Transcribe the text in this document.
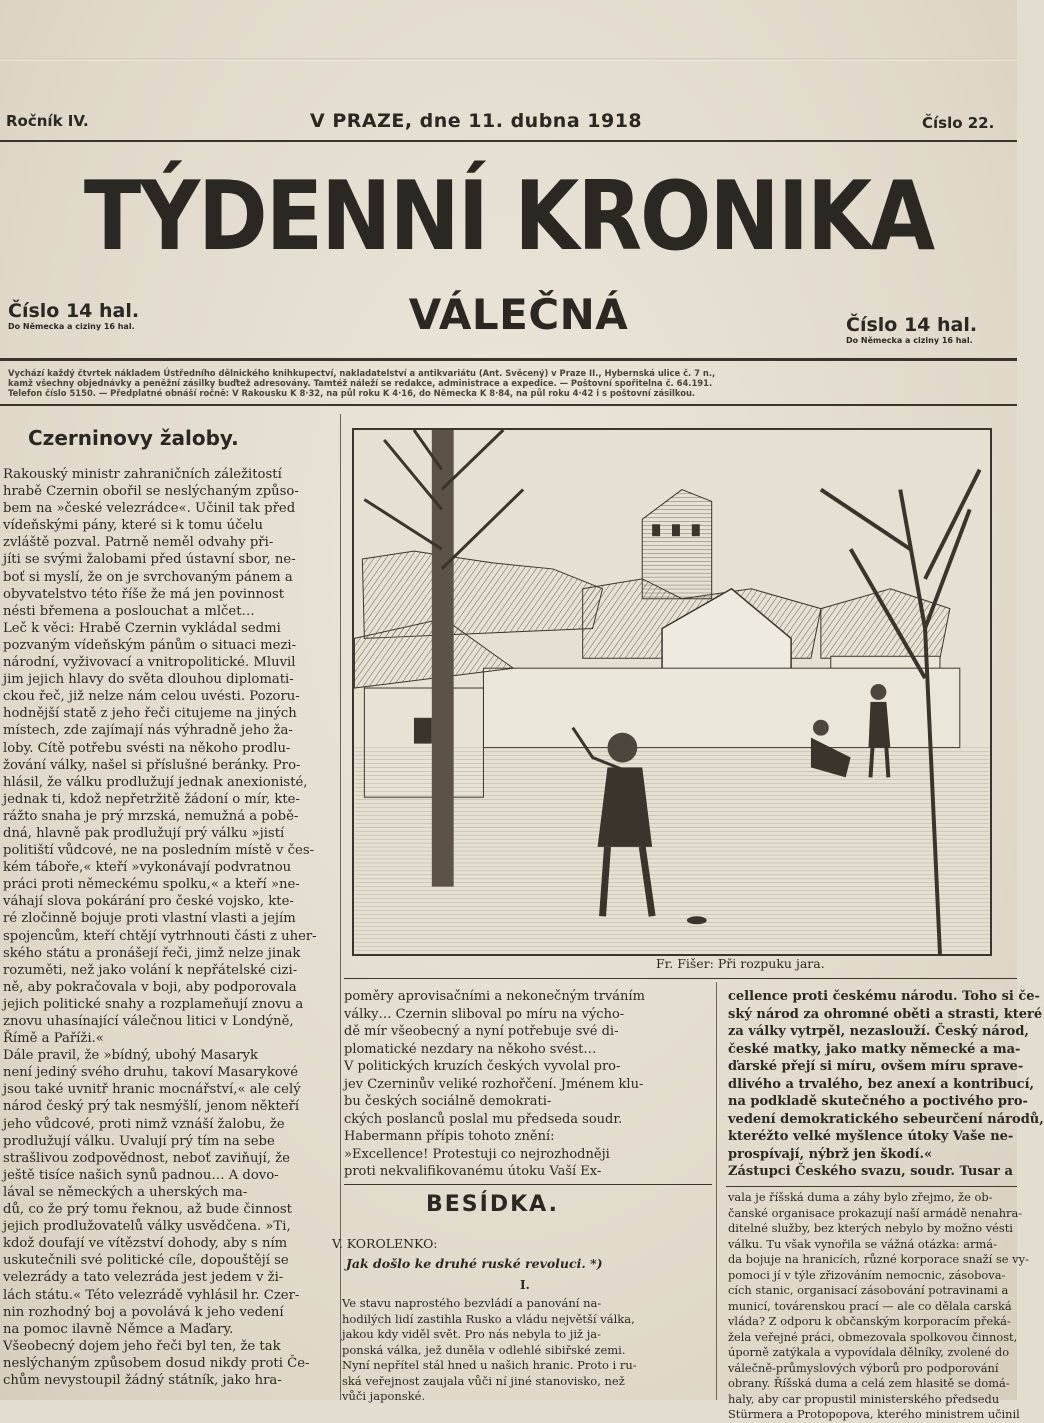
Ročník IV.	V PRAZE, dne 11. dubna 1918	Číslo 22.
TÝDENNÍ KRONIKA
VÁLEČNÁ
Číslo 14 hal.
Do Německa a ciziny 16 hal.	Číslo 14 hal.
Do Německa a ciziny 16 hal.
Vychází každý čtvrtek nákladem Ústředního dělnického knihkupectví, nakladatelství a antikvariátu (Ant. Svěcený) v Praze II., Hybernská ulice č. 7 n.,
kamž všechny objednávky a peněžní zásilky buďtež adresovány. Tamtéž náleží se redakce, administrace a expedice. — Poštovní spořitelna č. 64.191.
Telefon číslo 5150. — Předplatné obnáší ročně: V Rakousku K 8·32, na půl roku K 4·16, do Německa K 8·84, na půl roku 4·42 i s poštovní zásilkou.
Czerninovy žaloby.

Rakouský ministr zahraničních záležitostí

hrabě Czernin obořil se neslýchaným způso-

bem na »české velezrádce«. Učinil tak před

vídeňskými pány, které si k tomu účelu

zvláště pozval. Patrně neměl odvahy při-

jíti se svými žalobami před ústavní sbor, ne-

boť si myslí, že on je svrchovaným pánem a

obyvatelstvo této říše že má jen povinnost

nésti břemena a poslouchat a mlčet…

Leč k věci: Hrabě Czernin vykládal sedmi

pozvaným vídeňským pánům o situaci mezi-

národní, vyživovací a vnitropolitické. Mluvil

jim jejich hlavy do světa dlouhou diplomati-

ckou řeč, již nelze nám celou uvésti. Pozoru-

hodnější statě z jeho řeči citujeme na jiných

místech, zde zajímají nás výhradně jeho ža-

loby. Cítě potřebu svésti na někoho prodlu-

žování války, našel si příslušné beránky. Pro-

hlásil, že válku prodlužují jednak anexionisté,

jednak ti, kdož nepřetržitě žádoní o mír, kte-

rážto snaha je prý mrzská, nemužná a pobě-

dná, hlavně pak prodlužují prý válku »jistí

politiští vůdcové, ne na posledním místě v čes-

kém táboře,« kteří »vykonávají podvratnou

práci proti německému spolku,« a kteří »ne-

váhají slova pokárání pro české vojsko, kte-

ré zločinně bojuje proti vlastní vlasti a jejím

spojencům, kteří chtějí vytrhnouti části z uher-

ského státu a pronášejí řeči, jimž nelze jinak

rozuměti, než jako volání k nepřátelské cizi-

ně, aby pokračovala v boji, aby podporovala

jejich politické snahy a rozplameňují znovu a

znovu uhasínající válečnou litici v Londýně,

Římě a Paříži.«

Dále pravil, že »bídný, ubohý Masaryk

není jediný svého druhu, takoví Masarykové

jsou také uvnitř hranic mocnářství,« ale celý

národ český prý tak nesmýšlí, jenom někteří

jeho vůdcové, proti nimž vznáší žalobu, že

prodlužují válku. Uvalují prý tím na sebe

strašlivou zodpovědnost, neboť zaviňují, že

ještě tisíce našich synů padnou… A dovo-

lával se německých a uherských ma-

dů, co že prý tomu řeknou, až bude činnost

jejich prodlužovatelů války usvědčena. »Ti,

kdož doufají ve vítězství dohody, aby s ním

uskutečnili své politické cíle, dopouštějí se

velezrády a tato velezráda jest jedem v ži-

lách státu.« Této velezrádě vyhlásil hr. Czer-

nin rozhodný boj a povolává k jeho vedení

na pomoc ilavně Němce a Maďary.

Všeobecný dojem jeho řeči byl ten, že tak

neslýchaným způsobem dosud nikdy proti Če-

chům nevystoupil žádný státník, jako hra-

Fr. Fišer: Při rozpuku jara.

poměry aprovisačními a nekonečným trváním

války… Czernin sliboval po míru na výcho-

dě mír všeobecný a nyní potřebuje své di-

plomatické nezdary na někoho svést…

V politických kruzích českých vyvolal pro-

jev Czerninův veliké rozhořčení. Jménem klu-

bu českých sociálně demokrati-

ckých poslanců poslal mu předseda soudr.

Habermann přípis tohoto znění:

»Excellence! Protestuji co nejrozhodněji

proti nekvalifikovanému útoku Vaší Ex-

BESÍDKA.
V. KOROLENKO:
Jak došlo ke druhé ruské revoluci. *)
I.

Ve stavu naprostého bezvládí a panování na-

hodilých lidí zastihla Rusko a vládu největší válka,

jakou kdy viděl svět. Pro nás nebyla to již ja-

ponská válka, jež duněla v odlehlé sibiřské zemi.

Nyní nepřítel stál hned u našich hranic. Proto i ru-

ská veřejnost zaujala vůči ní jiné stanovisko, než

vůči japonské.

cellence proti českému národu. Toho si če-

ský národ za ohromné oběti a strasti, které

za války vytrpěl, nezaslouží. Český národ,

české matky, jako matky německé a ma-

ďarské přejí si míru, ovšem míru sprave-

dlivého a trvalého, bez anexí a kontribucí,

na podkladě skutečného a poctivého pro-

vedení demokratického sebeurčení národů,

kteréžto velké myšlence útoky Vaše ne-

prospívají, nýbrž jen škodí.«

Zástupci Českého svazu, soudr. Tusar a

vala je říšská duma a záhy bylo zřejmo, že ob-

čanské organisace prokazují naší armádě nenahra-

ditelné služby, bez kterých nebylo by možno vésti

válku. Tu však vynořila se vážná otázka: armá-

da bojuje na hranicích, různé korporace snaží se vy-

pomoci jí v týle zřizováním nemocnic, zásobova-

cích stanic, organisací zásobování potravinami a

municí, továrenskou prací — ale co dělala carská

vláda? Z odporu k občanským korporacím překá-

žela veřejné práci, obmezovala spolkovou činnost,

úporně zatýkala a vypovídala dělníky, zvolené do

válečně-průmyslových výborů pro podporování

obrany. Říšská duma a celá zem hlasitě se domá-

haly, aby car propustil ministerského předsedu

Stürmera a Protopopova, kterého ministrem učinil
